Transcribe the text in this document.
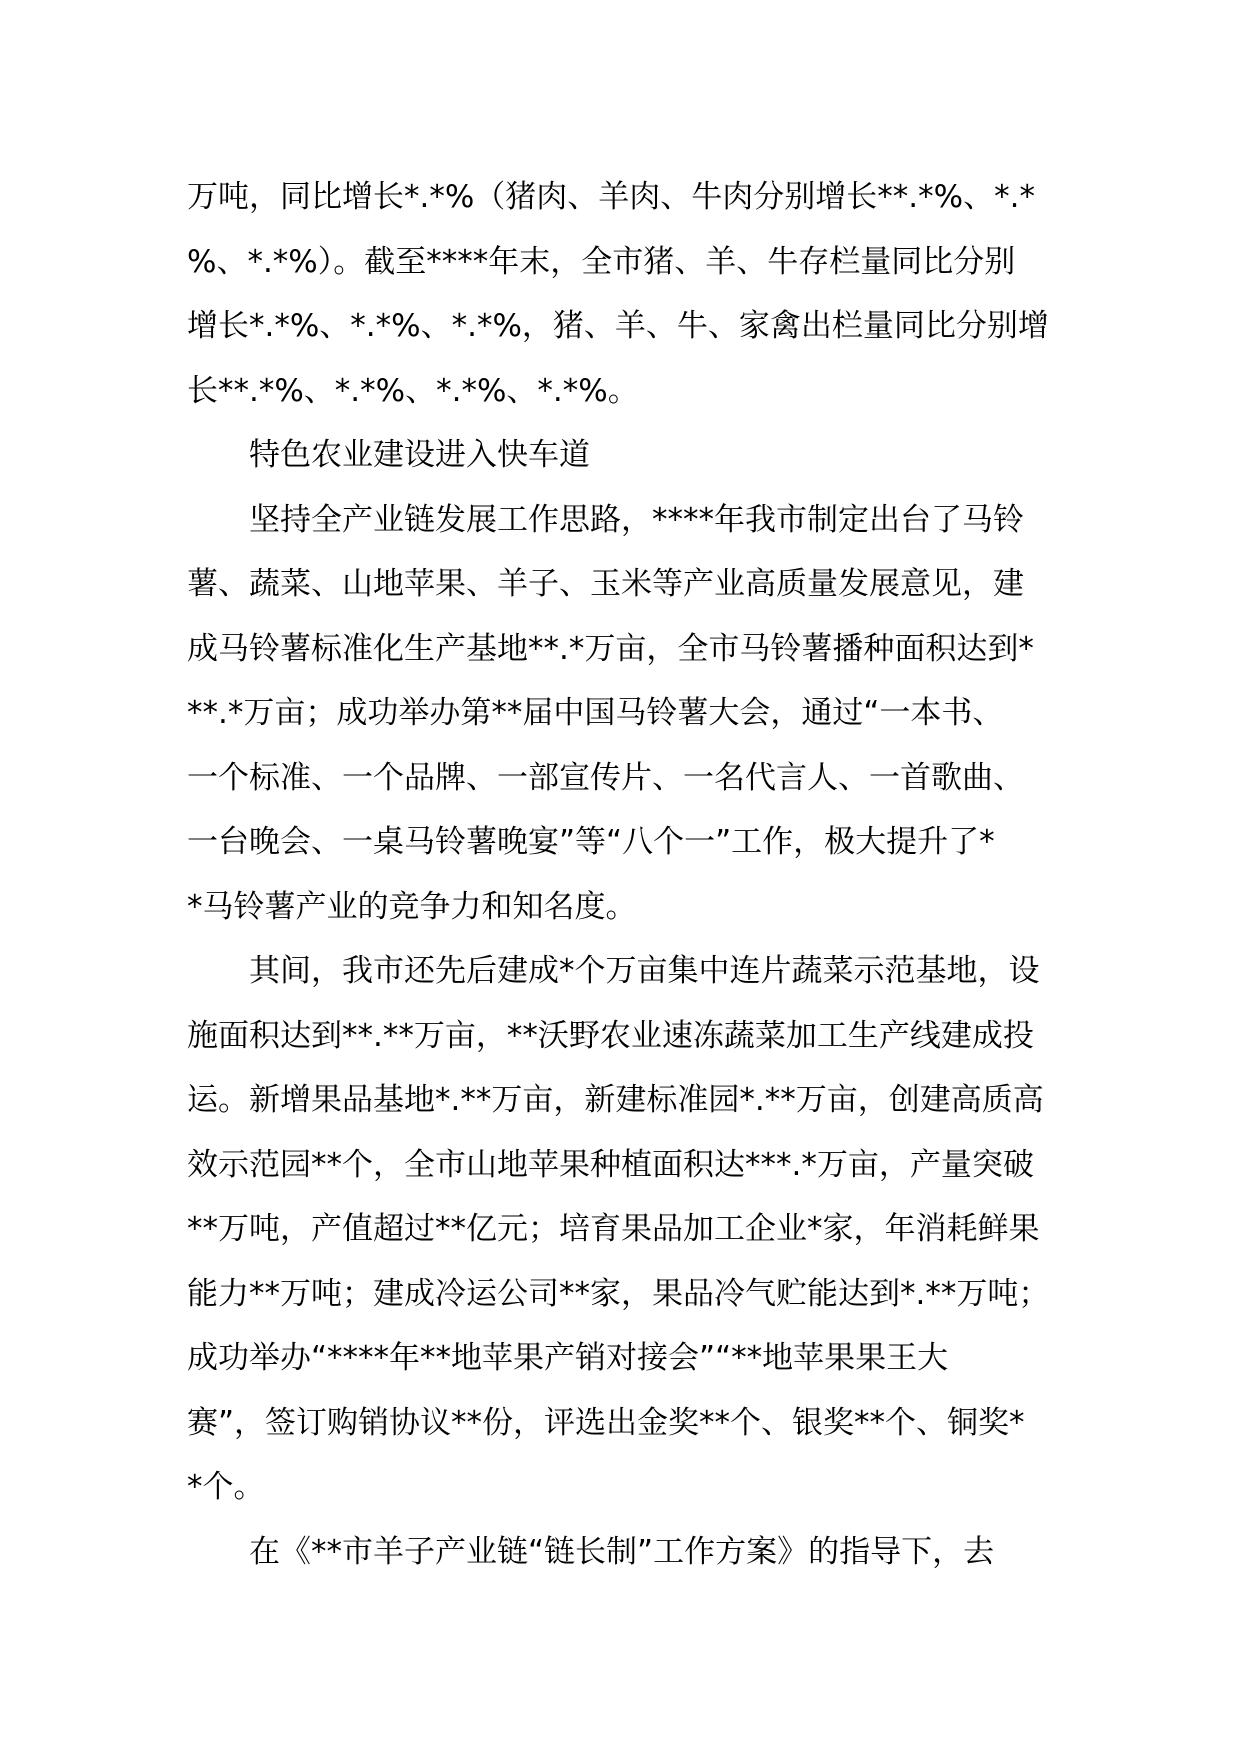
万吨，同比增长*.*%（猪肉、羊肉、牛肉分别增长**.*%、*.*
%、*.*%）。截至****年末，全市猪、羊、牛存栏量同比分别
增长*.*%、*.*%、*.*%，猪、羊、牛、家禽出栏量同比分别增
长**.*%、*.*%、*.*%、*.*%。
特色农业建设进入快车道
坚持全产业链发展工作思路，****年我市制定出台了马铃
薯、蔬菜、山地苹果、羊子、玉米等产业高质量发展意见，建
成马铃薯标准化生产基地**.*万亩，全市马铃薯播种面积达到*
**.*万亩；成功举办第**届中国马铃薯大会，通过“一本书、
一个标准、一个品牌、一部宣传片、一名代言人、一首歌曲、
一台晚会、一桌马铃薯晚宴”等“八个一”工作，极大提升了*
*马铃薯产业的竞争力和知名度。
其间，我市还先后建成*个万亩集中连片蔬菜示范基地，设
施面积达到**.**万亩，**沃野农业速冻蔬菜加工生产线建成投
运。新增果品基地*.**万亩，新建标准园*.**万亩，创建高质高
效示范园**个，全市山地苹果种植面积达***.*万亩，产量突破
**万吨，产值超过**亿元；培育果品加工企业*家，年消耗鲜果
能力**万吨；建成冷运公司**家，果品冷气贮能达到*.**万吨；
成功举办“****年**地苹果产销对接会”“**地苹果果王大
赛”，签订购销协议**份，评选出金奖**个、银奖**个、铜奖*
*个。
在《**市羊子产业链“链长制”工作方案》的指导下，去
